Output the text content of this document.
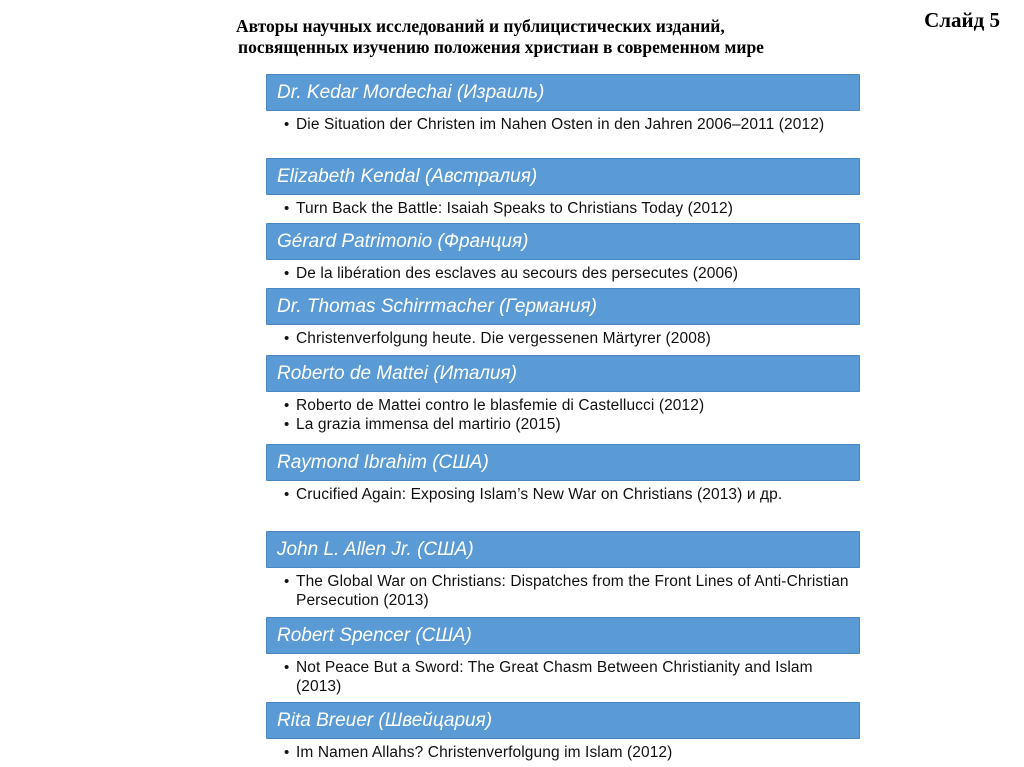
Слайд 5
Авторы научных исследований и публицистических изданий,
посвященных изучению положения христиан в современном мире
Dr. Kedar Mordechai (Израиль)
• Die Situation der Christen im Nahen Osten in den Jahren 2006–2011 (2012)
Elizabeth Kendal (Австралия)
• Turn Back the Battle: Isaiah Speaks to Christians Today (2012)
Gérard Patrimonio (Франция)
• De la libération des esclaves au secours des persecutes (2006)
Dr. Thomas Schirrmacher (Германия)
• Christenverfolgung heute. Die vergessenen Märtyrer (2008)
Roberto de Mattei (Италия)
• Roberto de Mattei contro le blasfemie di Castellucci (2012)
• La grazia immensa del martirio (2015)
Raymond Ibrahim (США)
• Crucified Again: Exposing Islam’s New War on Christians (2013) и др.
John L. Allen Jr. (США)
• The Global War on Christians: Dispatches from the Front Lines of Anti-Christian Persecution (2013)
Robert Spencer (США)
• Not Peace But a Sword: The Great Chasm Between Christianity and Islam (2013)
Rita Breuer (Швейцария)
• Im Namen Allahs? Christenverfolgung im Islam (2012)
